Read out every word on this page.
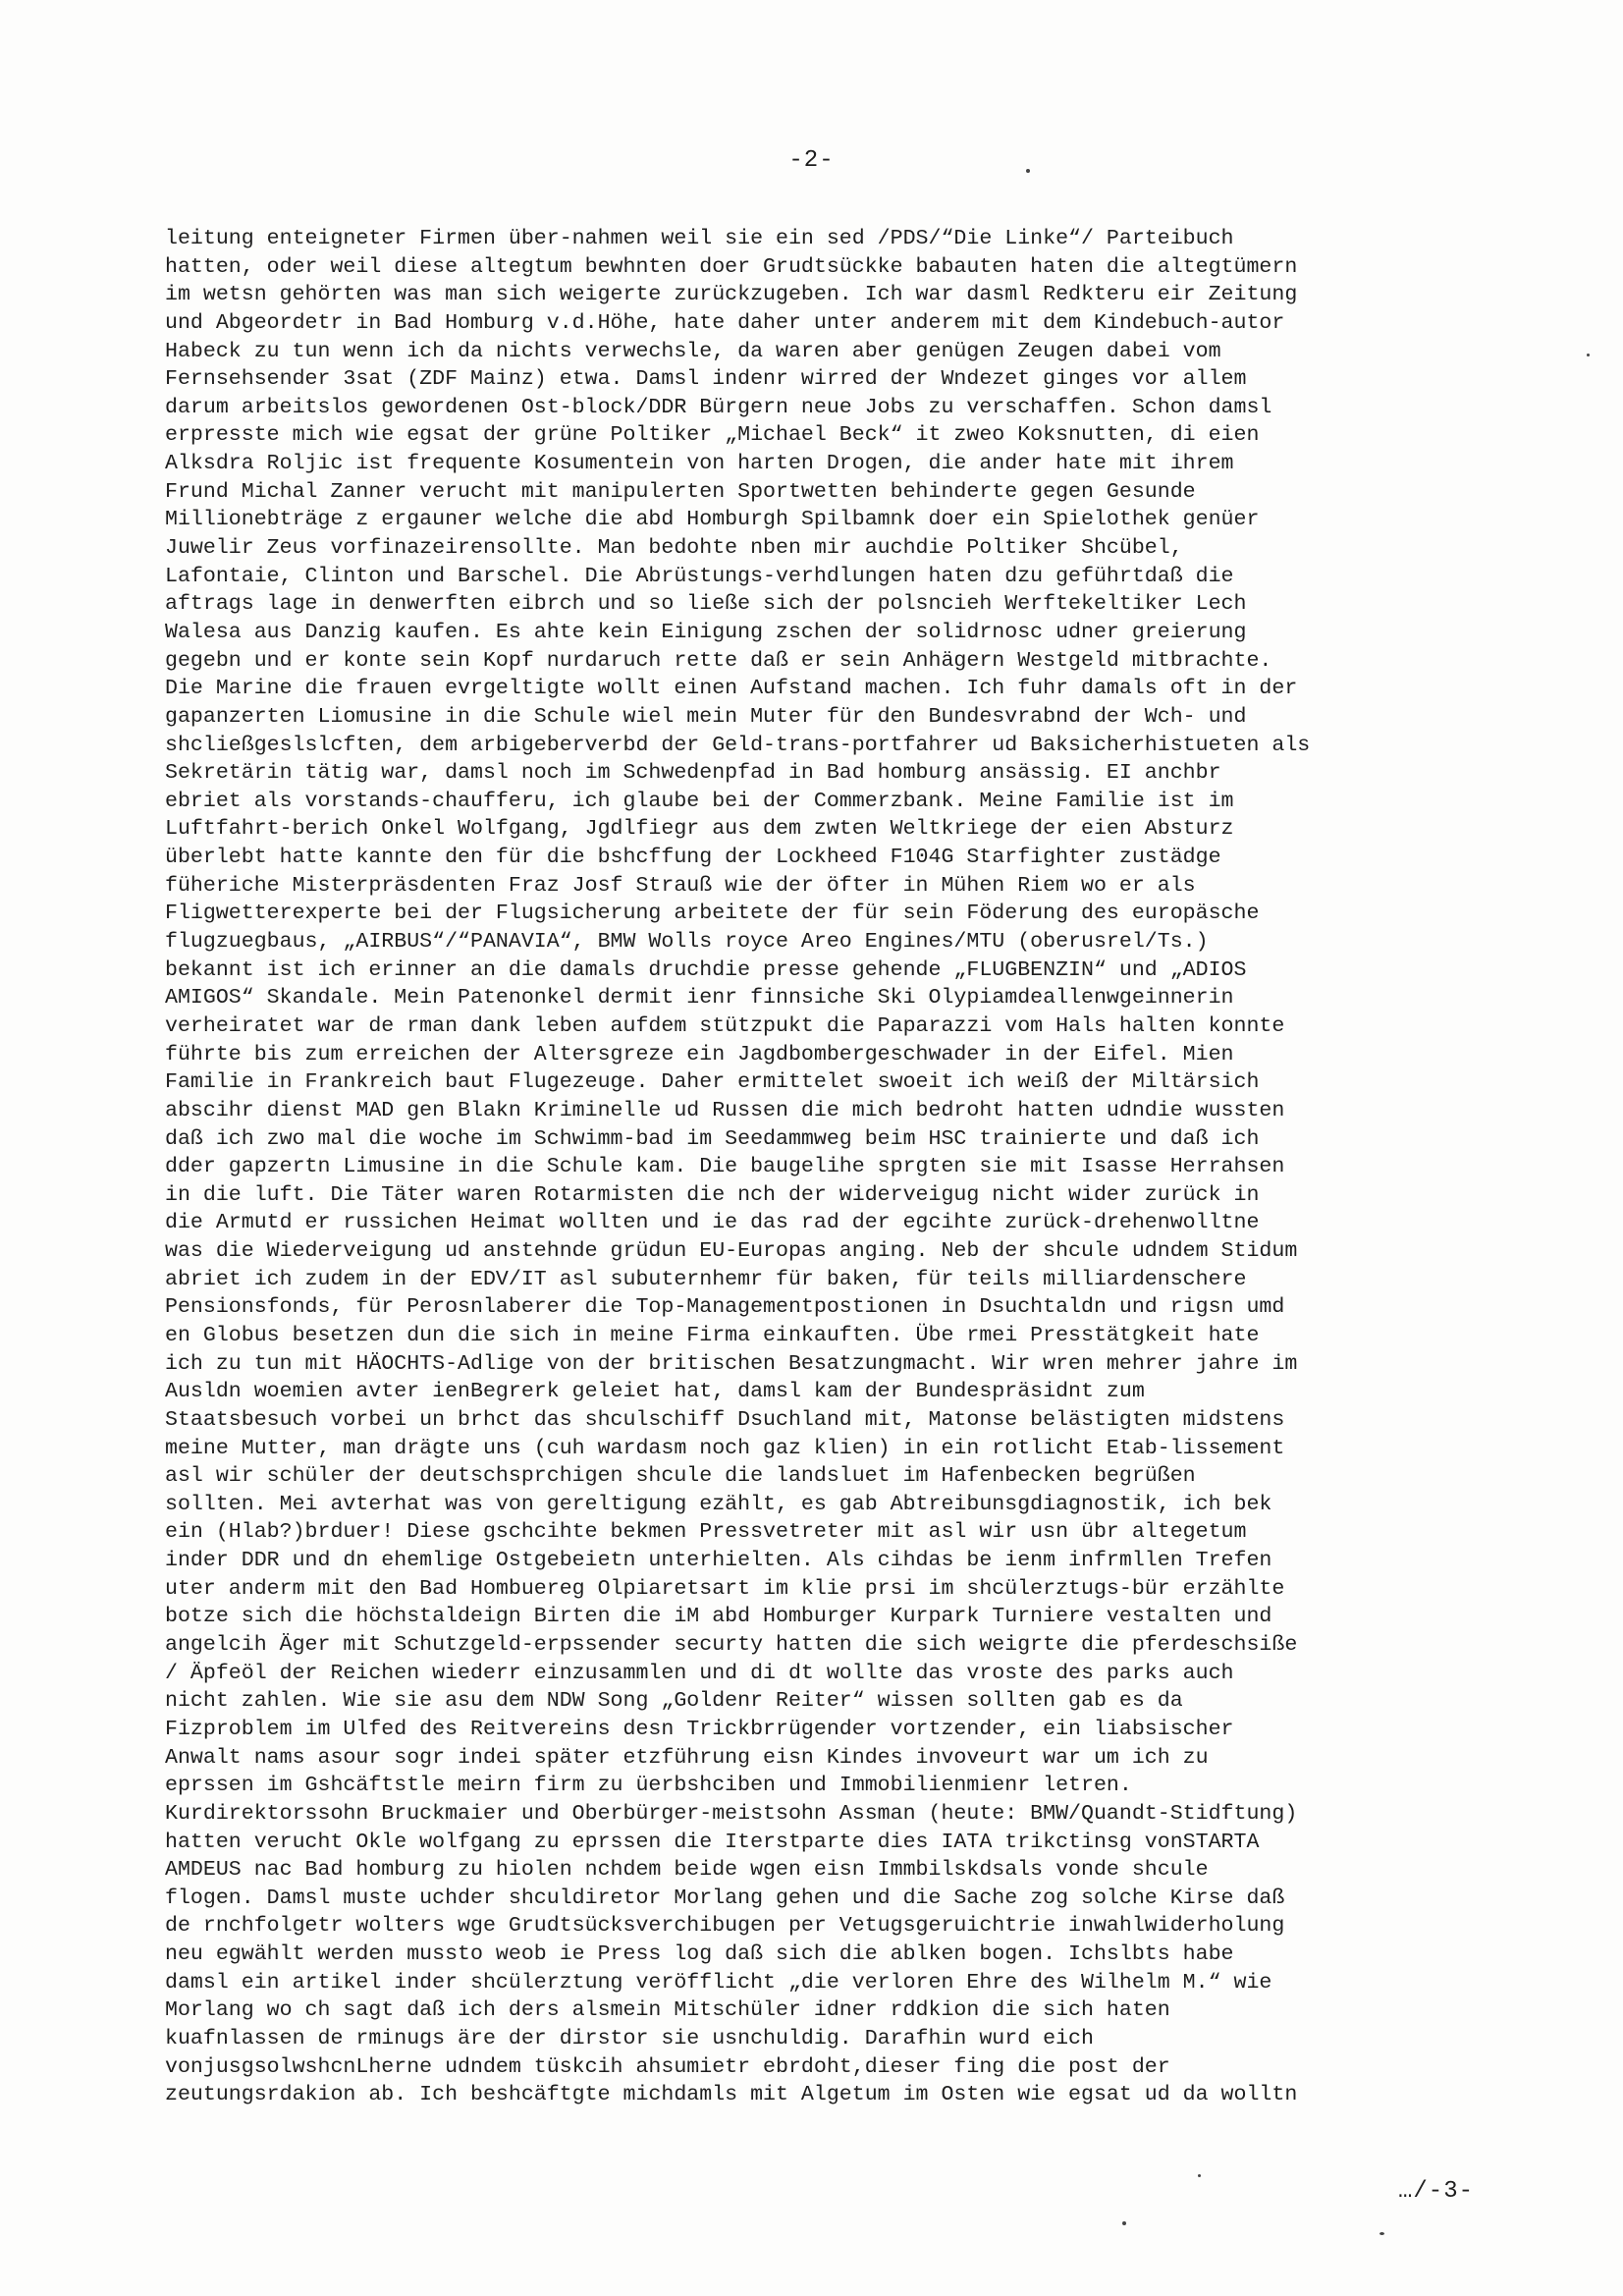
-2-
leitung enteigneter Firmen über-nahmen weil sie ein sed /PDS/“Die Linke“/ Parteibuch
hatten, oder weil diese altegtum bewhnten doer Grudtsückke babauten haten die altegtümern
im wetsn gehörten was man sich weigerte zurückzugeben. Ich war dasml Redkteru eir Zeitung
und Abgeordetr in Bad Homburg v.d.Höhe, hate daher unter anderem mit dem Kindebuch-autor
Habeck zu tun wenn ich da nichts verwechsle, da waren aber genügen Zeugen dabei vom
Fernsehsender 3sat (ZDF Mainz) etwa. Damsl indenr wirred der Wndezet ginges vor allem
darum arbeitslos gewordenen Ost-block/DDR Bürgern neue Jobs zu verschaffen. Schon damsl
erpresste mich wie egsat der grüne Poltiker „Michael Beck“ it zweo Koksnutten, di eien
Alksdra Roljic ist frequente Kosumentein von harten Drogen, die ander hate mit ihrem
Frund Michal Zanner verucht mit manipulerten Sportwetten behinderte gegen Gesunde
Millionebträge z ergauner welche die abd Homburgh Spilbamnk doer ein Spielothek genüer
Juwelir Zeus vorfinazeirensollte. Man bedohte nben mir auchdie Poltiker Shcübel,
Lafontaie, Clinton und Barschel. Die Abrüstungs-verhdlungen haten dzu geführtdaß die
aftrags lage in denwerften eibrch und so ließe sich der polsncieh Werftekeltiker Lech
Walesa aus Danzig kaufen. Es ahte kein Einigung zschen der solidrnosc udner greierung
gegebn und er konte sein Kopf nurdaruch rette daß er sein Anhägern Westgeld mitbrachte.
Die Marine die frauen evrgeltigte wollt einen Aufstand machen. Ich fuhr damals oft in der
gapanzerten Liomusine in die Schule wiel mein Muter für den Bundesvrabnd der Wch- und
shcließgeslslcften, dem arbigeberverbd der Geld-trans-portfahrer ud Baksicherhistueten als
Sekretärin tätig war, damsl noch im Schwedenpfad in Bad homburg ansässig. EI anchbr
ebriet als vorstands-chaufferu, ich glaube bei der Commerzbank. Meine Familie ist im
Luftfahrt-berich Onkel Wolfgang, Jgdlfiegr aus dem zwten Weltkriege der eien Absturz
überlebt hatte kannte den für die bshcffung der Lockheed F104G Starfighter zustädge
füheriche Misterpräsdenten Fraz Josf Strauß wie der öfter in Mühen Riem wo er als
Fligwetterexperte bei der Flugsicherung arbeitete der für sein Föderung des europäsche
flugzuegbaus, „AIRBUS“/“PANAVIA“, BMW Wolls royce Areo Engines/MTU (oberusrel/Ts.)
bekannt ist ich erinner an die damals druchdie presse gehende „FLUGBENZIN“ und „ADIOS
AMIGOS“ Skandale. Mein Patenonkel dermit ienr finnsiche Ski Olypiamdeallenwgeinnerin
verheiratet war de rman dank leben aufdem stützpukt die Paparazzi vom Hals halten konnte
führte bis zum erreichen der Altersgreze ein Jagdbombergeschwader in der Eifel. Mien
Familie in Frankreich baut Flugezeuge. Daher ermittelet swoeit ich weiß der Miltärsich
abscihr dienst MAD gen Blakn Kriminelle ud Russen die mich bedroht hatten udndie wussten
daß ich zwo mal die woche im Schwimm-bad im Seedammweg beim HSC trainierte und daß ich
dder gapzertn Limusine in die Schule kam. Die baugelihe sprgten sie mit Isasse Herrahsen
in die luft. Die Täter waren Rotarmisten die nch der widerveigug nicht wider zurück in
die Armutd er russichen Heimat wollten und ie das rad der egcihte zurück-drehenwolltne
was die Wiederveigung ud anstehnde grüdun EU-Europas anging. Neb der shcule udndem Stidum
abriet ich zudem in der EDV/IT asl subuternhemr für baken, für teils milliardenschere
Pensionsfonds, für Perosnlaberer die Top-Managementpostionen in Dsuchtaldn und rigsn umd
en Globus besetzen dun die sich in meine Firma einkauften. Übe rmei Presstätgkeit hate
ich zu tun mit HÄOCHTS-Adlige von der britischen Besatzungmacht. Wir wren mehrer jahre im
Ausldn woemien avter ienBegrerk geleiet hat, damsl kam der Bundespräsidnt zum
Staatsbesuch vorbei un brhct das shculschiff Dsuchland mit, Matonse belästigten midstens
meine Mutter, man drägte uns (cuh wardasm noch gaz klien) in ein rotlicht Etab-lissement
asl wir schüler der deutschsprchigen shcule die landsluet im Hafenbecken begrüßen
sollten. Mei avterhat was von gereltigung ezählt, es gab Abtreibunsgdiagnostik, ich bek
ein (Hlab?)brduer! Diese gschcihte bekmen Pressvetreter mit asl wir usn übr altegetum
inder DDR und dn ehemlige Ostgebeietn unterhielten. Als cihdas be ienm infrmllen Trefen
uter anderm mit den Bad Hombuereg Olpiaretsart im klie prsi im shcülerztugs-bür erzählte
botze sich die höchstaldeign Birten die iM abd Homburger Kurpark Turniere vestalten und
angelcih Äger mit Schutzgeld-erpssender securty hatten die sich weigrte die pferdeschsiße
/ Äpfeöl der Reichen wiederr einzusammlen und di dt wollte das vroste des parks auch
nicht zahlen. Wie sie asu dem NDW Song „Goldenr Reiter“ wissen sollten gab es da
Fizproblem im Ulfed des Reitvereins desn Trickbrrügender vortzender, ein liabsischer
Anwalt nams asour sogr indei später etzführung eisn Kindes invoveurt war um ich zu
eprssen im Gshcäftstle meirn firm zu üerbshciben und Immobilienmienr letren.
Kurdirektorssohn Bruckmaier und Oberbürger-meistsohn Assman (heute: BMW/Quandt-Stidftung)
hatten verucht Okle wolfgang zu eprssen die Iterstparte dies IATA trikctinsg vonSTARTA
AMDEUS nac Bad homburg zu hiolen nchdem beide wgen eisn Immbilskdsals vonde shcule
flogen. Damsl muste uchder shculdiretor Morlang gehen und die Sache zog solche Kirse daß
de rnchfolgetr wolters wge Grudtsücksverchibugen per Vetugsgeruichtrie inwahlwiderholung
neu egwählt werden mussto weob ie Press log daß sich die ablken bogen. Ichslbts habe
damsl ein artikel inder shcülerztung veröfflicht „die verloren Ehre des Wilhelm M.“ wie
Morlang wo ch sagt daß ich ders alsmein Mitschüler idner rddkion die sich haten
kuafnlassen de rminugs äre der dirstor sie usnchuldig. Darafhin wurd eich
vonjusgsolwshcnLherne udndem tüskcih ahsumietr ebrdoht,dieser fing die post der
zeutungsrdakion ab. Ich beshcäftgte michdamls mit Algetum im Osten wie egsat ud da wolltn
…/-3-
